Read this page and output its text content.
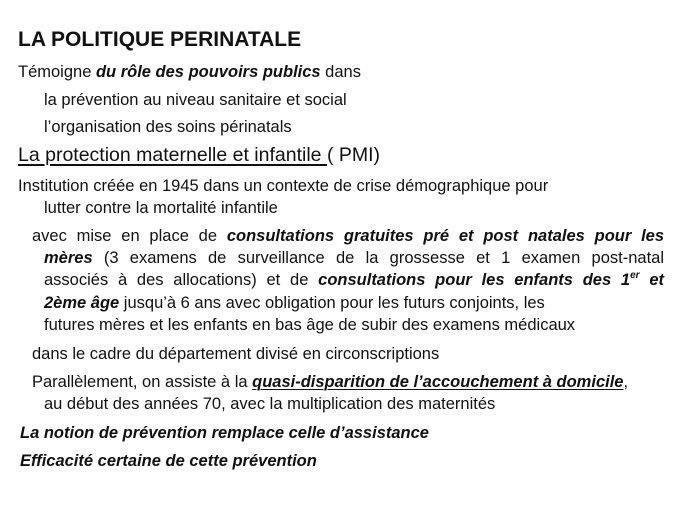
LA POLITIQUE PERINATALE
Témoigne du rôle des pouvoirs publics dans
la prévention au niveau sanitaire et social
l’organisation des soins périnatals
La protection maternelle et infantile ( PMI)
Institution créée en 1945 dans un contexte de crise démographique pour
lutter contre la mortalité infantile
avec mise en place de consultations gratuites pré et post natales pour les
mères (3 examens de surveillance de la grossesse et 1 examen post-natal
associés à des allocations) et de consultations pour les enfants des 1er et
2ème âge jusqu’à 6 ans avec obligation pour les futurs conjoints, les
futures mères et les enfants en bas âge de subir des examens médicaux
dans le cadre du département divisé en circonscriptions
Parallèlement, on assiste à la quasi-disparition de l’accouchement à domicile,
au début des années 70, avec la multiplication des maternités
La notion de prévention remplace celle d’assistance
Efficacité certaine de cette prévention
